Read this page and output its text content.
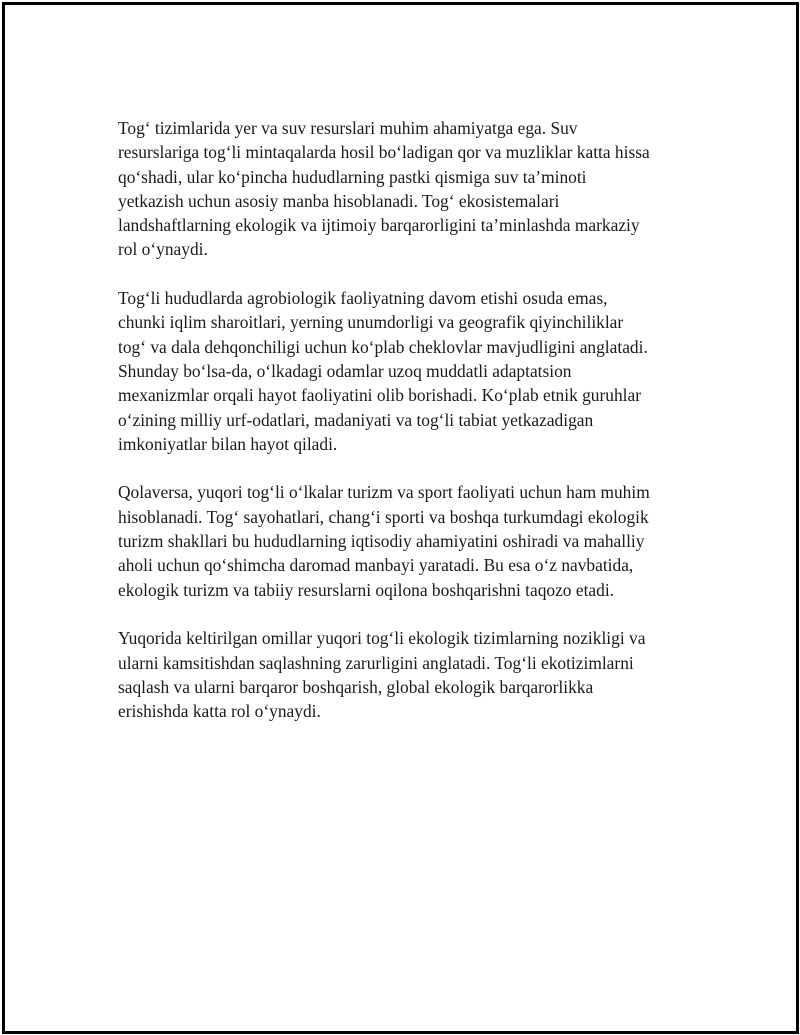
Tog‘ tizimlarida yer va suv resurslari muhim ahamiyatga ega. Suv
resurslariga tog‘li mintaqalarda hosil bo‘ladigan qor va muzliklar katta hissa
qo‘shadi, ular ko‘pincha hududlarning pastki qismiga suv ta’minoti
yetkazish uchun asosiy manba hisoblanadi. Tog‘ ekosistemalari
landshaftlarning ekologik va ijtimoiy barqarorligini ta’minlashda markaziy
rol o‘ynaydi.

Tog‘li hududlarda agrobiologik faoliyatning davom etishi osuda emas,
chunki iqlim sharoitlari, yerning unumdorligi va geografik qiyinchiliklar
tog‘ va dala dehqonchiligi uchun ko‘plab cheklovlar mavjudligini anglatadi.
Shunday bo‘lsa-da, o‘lkadagi odamlar uzoq muddatli adaptatsion
mexanizmlar orqali hayot faoliyatini olib borishadi. Ko‘plab etnik guruhlar
o‘zining milliy urf-odatlari, madaniyati va tog‘li tabiat yetkazadigan
imkoniyatlar bilan hayot qiladi.

Qolaversa, yuqori tog‘li o‘lkalar turizm va sport faoliyati uchun ham muhim
hisoblanadi. Tog‘ sayohatlari, chang‘i sporti va boshqa turkumdagi ekologik
turizm shakllari bu hududlarning iqtisodiy ahamiyatini oshiradi va mahalliy
aholi uchun qo‘shimcha daromad manbayi yaratadi. Bu esa o‘z navbatida,
ekologik turizm va tabiiy resurslarni oqilona boshqarishni taqozo etadi.

Yuqorida keltirilgan omillar yuqori tog‘li ekologik tizimlarning nozikligi va
ularni kamsitishdan saqlashning zarurligini anglatadi. Tog‘li ekotizimlarni
saqlash va ularni barqaror boshqarish, global ekologik barqarorlikka
erishishda katta rol o‘ynaydi.
